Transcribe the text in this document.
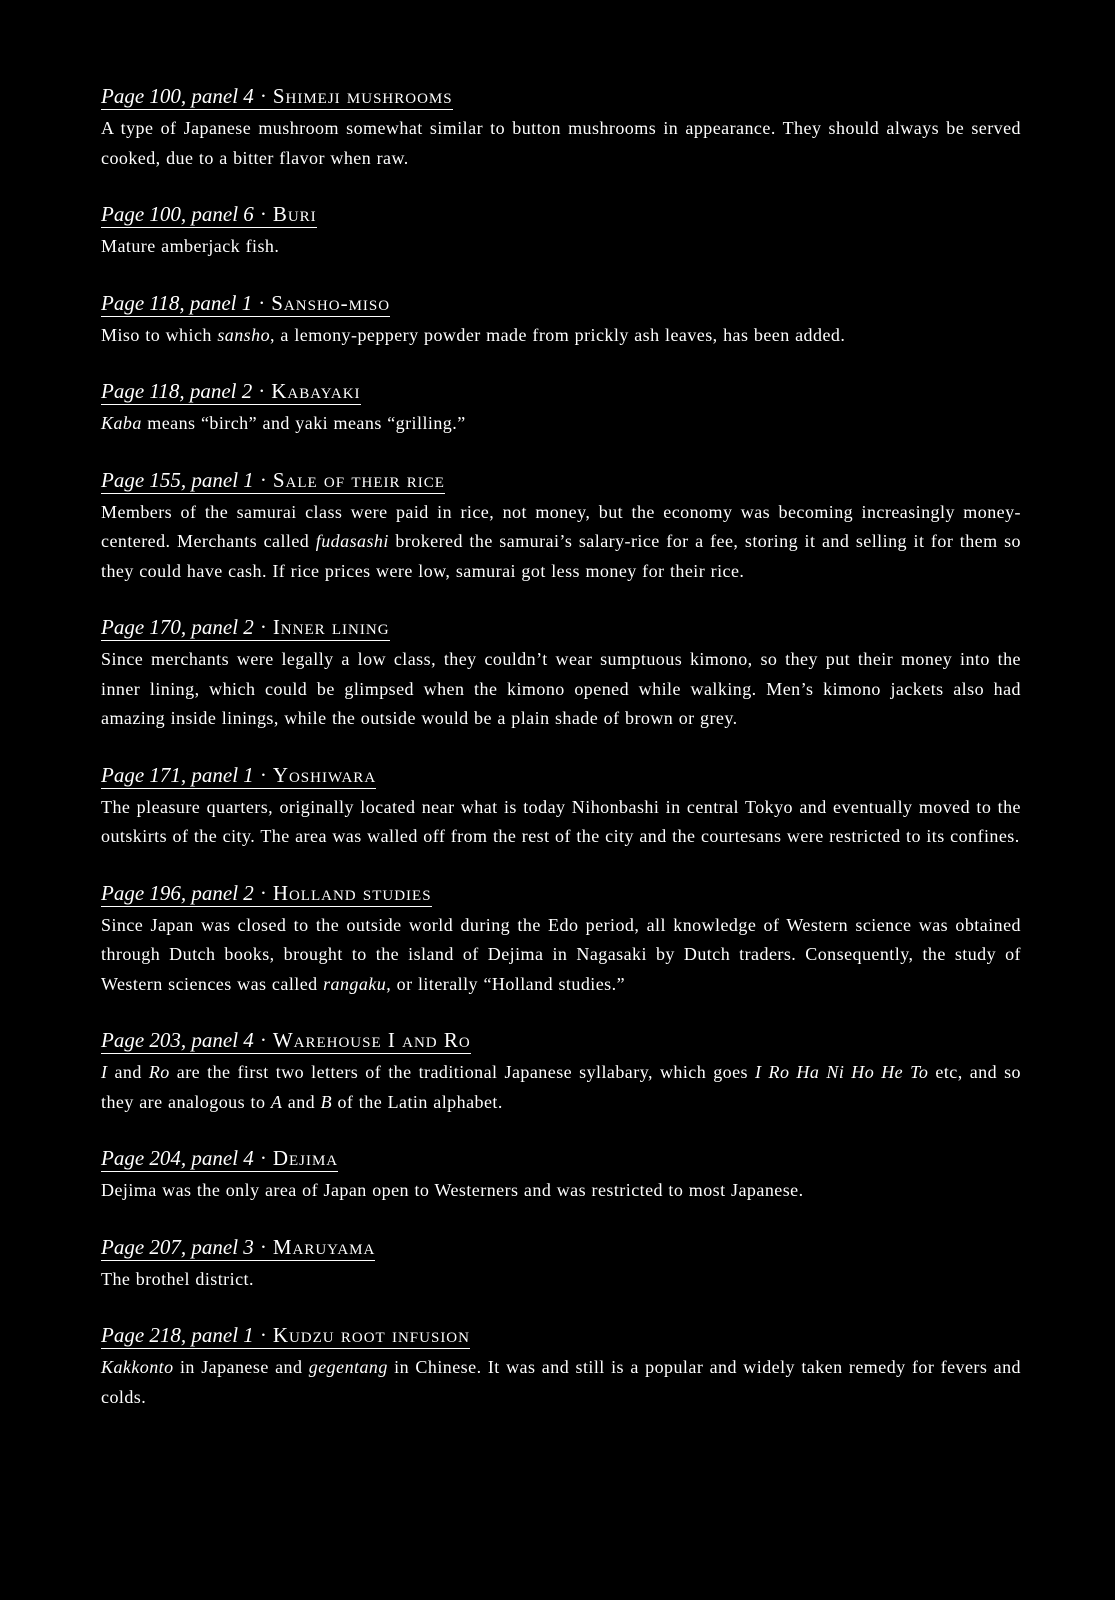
Page 100, panel 4 · Shimeji mushrooms

A type of Japanese mushroom somewhat similar to button mushrooms in appearance. They should always be served cooked, due to a bitter flavor when raw.

Page 100, panel 6 · Buri

Mature amberjack fish.

Page 118, panel 1 · Sansho-miso

Miso to which sansho, a lemony-peppery powder made from prickly ash leaves, has been added.

Page 118, panel 2 · Kabayaki

Kaba means “birch” and yaki means “grilling.”

Page 155, panel 1 · Sale of their rice

Members of the samurai class were paid in rice, not money, but the economy was becoming increasingly money-centered. Merchants called fudasashi brokered the samurai’s salary-rice for a fee, storing it and selling it for them so they could have cash. If rice prices were low, samurai got less money for their rice.

Page 170, panel 2 · Inner lining

Since merchants were legally a low class, they couldn’t wear sumptuous kimono, so they put their money into the inner lining, which could be glimpsed when the kimono opened while walking. Men’s kimono jackets also had amazing inside linings, while the outside would be a plain shade of brown or grey.

Page 171, panel 1 · Yoshiwara

The pleasure quarters, originally located near what is today Nihonbashi in central Tokyo and eventually moved to the outskirts of the city. The area was walled off from the rest of the city and the courtesans were restricted to its confines.

Page 196, panel 2 · Holland studies

Since Japan was closed to the outside world during the Edo period, all knowledge of Western science was obtained through Dutch books, brought to the island of Dejima in Nagasaki by Dutch traders. Consequently, the study of Western sciences was called rangaku, or literally “Holland studies.”

Page 203, panel 4 · Warehouse I and Ro

I and Ro are the first two letters of the traditional Japanese syllabary, which goes I Ro Ha Ni Ho He To etc, and so they are analogous to A and B of the Latin alphabet.

Page 204, panel 4 · Dejima

Dejima was the only area of Japan open to Westerners and was restricted to most Japanese.

Page 207, panel 3 · Maruyama

The brothel district.

Page 218, panel 1 · Kudzu root infusion

Kakkonto in Japanese and gegentang in Chinese. It was and still is a popular and widely taken remedy for fevers and colds.
